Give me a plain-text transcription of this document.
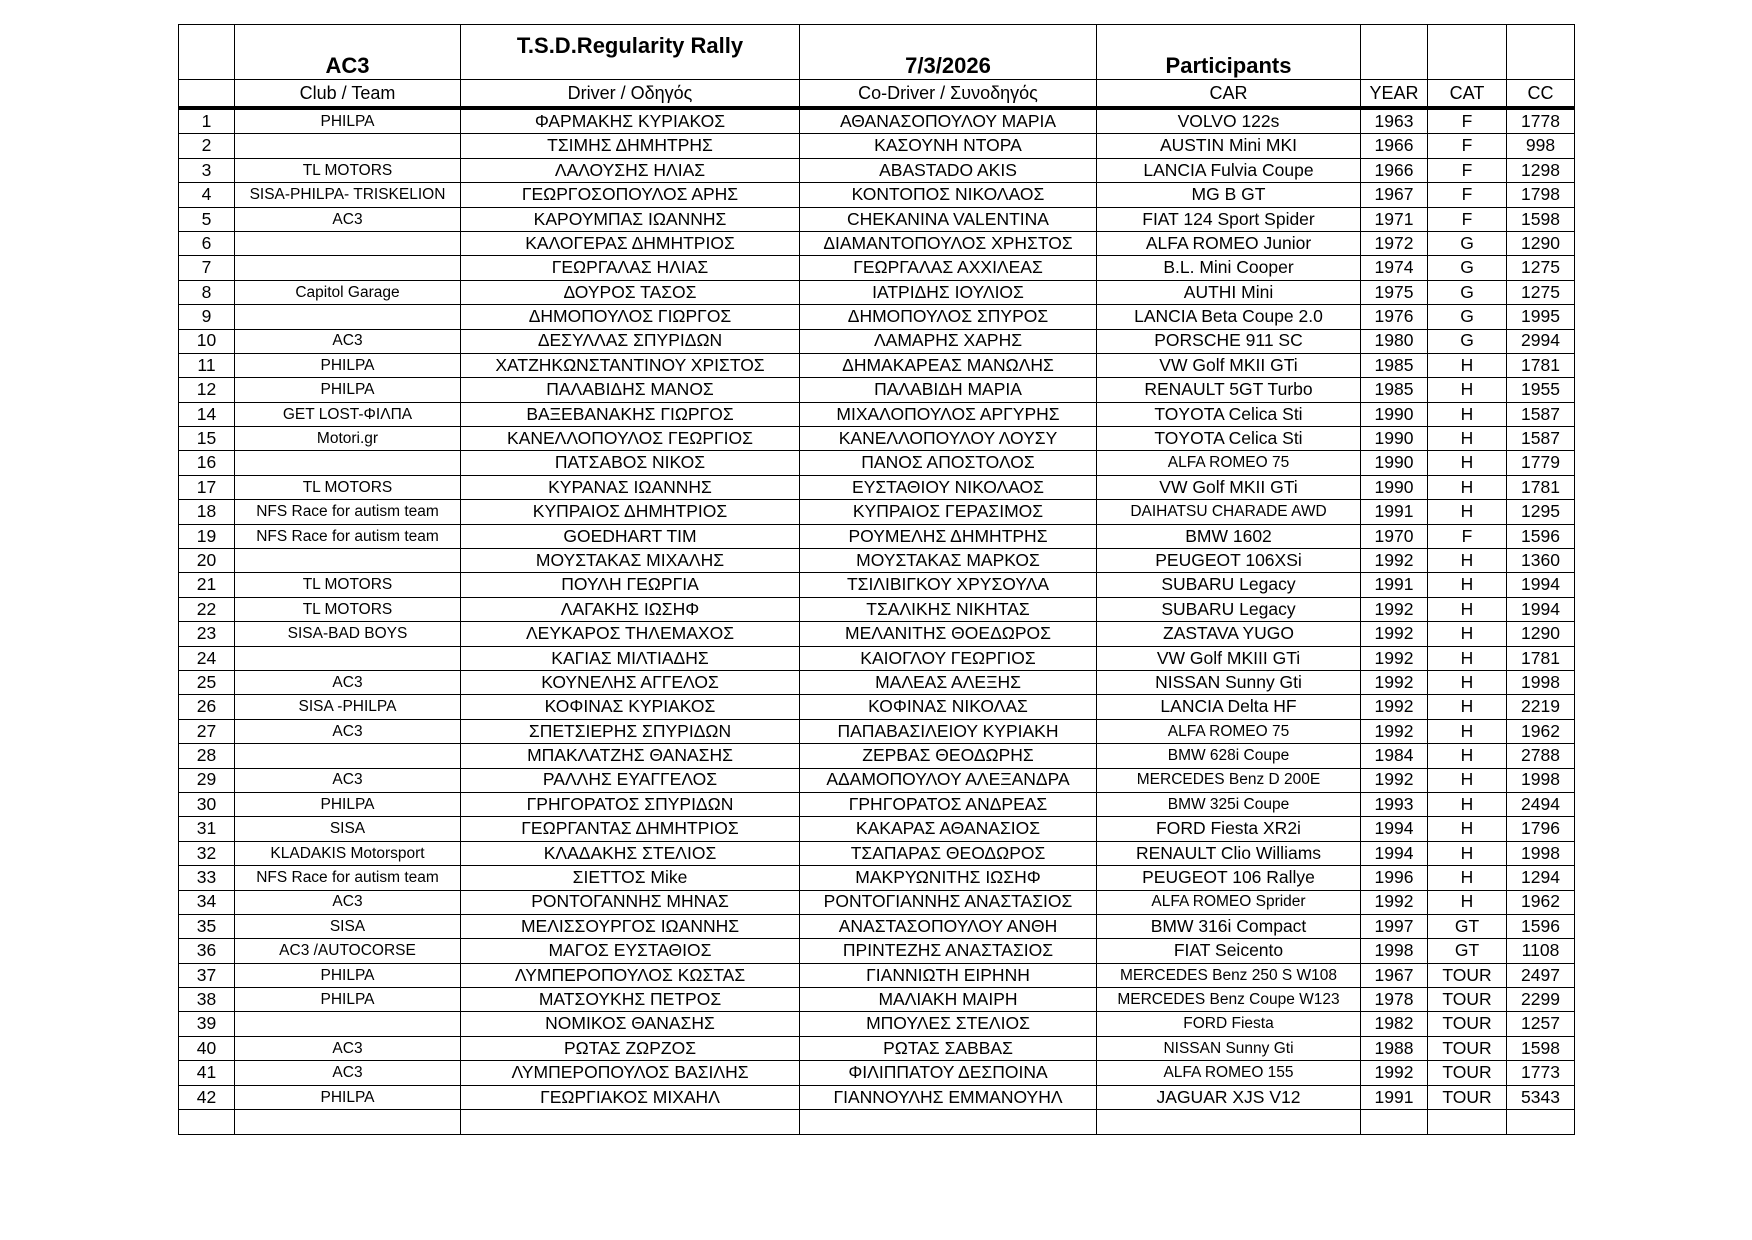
	AC3	T.S.D.Regularity Rally	7/3/2026	Participants			
	Club / Team	Driver / Οδηγός	Co-Driver / Συνοδηγός	CAR	YEAR	CAT	CC
1	PHILPA	ΦΑΡΜΑΚΗΣ ΚΥΡΙΑΚΟΣ	ΑΘΑΝΑΣΟΠΟΥΛΟΥ ΜΑΡΙΑ	VOLVO 122s	1963	F	1778
2		ΤΣΙΜΗΣ ΔΗΜΗΤΡΗΣ	ΚΑΣΟΥΝΗ ΝΤΟΡΑ	AUSTIN Mini MKI	1966	F	998
3	TL MOTORS	ΛΑΛΟΥΣΗΣ ΗΛΙΑΣ	ABASTADO AKIS	LANCIA Fulvia Coupe	1966	F	1298
4	SISA-PHILPA- TRISKELION	ΓΕΩΡΓΟΣΟΠΟΥΛΟΣ ΑΡΗΣ	ΚΟΝΤΟΠΟΣ ΝΙΚΟΛΑΟΣ	MG B GT	1967	F	1798
5	AC3	ΚΑΡΟΥΜΠΑΣ ΙΩΑΝΝΗΣ	CHEKANINA VALENTINA	FIAT 124 Sport Spider	1971	F	1598
6		ΚΑΛΟΓΕΡΑΣ ΔΗΜΗΤΡΙΟΣ	ΔΙΑΜΑΝΤΟΠΟΥΛΟΣ ΧΡΗΣΤΟΣ	ALFA ROMEO Junior	1972	G	1290
7		ΓΕΩΡΓΑΛΑΣ ΗΛΙΑΣ	ΓΕΩΡΓΑΛΑΣ ΑΧΧΙΛΕΑΣ	B.L. Mini Cooper	1974	G	1275
8	Capitol Garage	ΔΟΥΡΟΣ ΤΑΣΟΣ	ΙΑΤΡΙΔΗΣ ΙΟΥΛΙΟΣ	AUTHI Mini	1975	G	1275
9		ΔΗΜΟΠΟΥΛΟΣ ΓΙΩΡΓΟΣ	ΔΗΜΟΠΟΥΛΟΣ ΣΠΥΡΟΣ	LANCIA Beta Coupe 2.0	1976	G	1995
10	AC3	ΔΕΣΥΛΛΑΣ ΣΠΥΡΙΔΩΝ	ΛΑΜΑΡΗΣ ΧΑΡΗΣ	PORSCHE 911 SC	1980	G	2994
11	PHILPA	ΧΑΤΖΗΚΩΝΣΤΑΝΤΙΝΟΥ ΧΡΙΣΤΟΣ	ΔΗΜΑΚΑΡΕΑΣ ΜΑΝΩΛΗΣ	VW Golf MKII GTi	1985	H	1781
12	PHILPA	ΠΑΛΑΒΙΔΗΣ ΜΑΝΟΣ	ΠΑΛΑΒΙΔΗ ΜΑΡΙΑ	RENAULT 5GT Turbo	1985	H	1955
14	GET LOST-ΦΙΛΠΑ	ΒΑΞΕΒΑΝΑΚΗΣ ΓΙΩΡΓΟΣ	ΜΙΧΑΛΟΠΟΥΛΟΣ ΑΡΓΥΡΗΣ	TOYOTA Celica Sti	1990	H	1587
15	Motori.gr	ΚΑΝΕΛΛΟΠΟΥΛΟΣ ΓΕΩΡΓΙΟΣ	ΚΑΝΕΛΛΟΠΟΥΛΟΥ ΛΟΥΣΥ	TOYOTA Celica Sti	1990	H	1587
16		ΠΑΤΣΑΒΟΣ ΝΙΚΟΣ	ΠΑΝΟΣ ΑΠΟΣΤΟΛΟΣ	ALFA ROMEO 75	1990	H	1779
17	TL MOTORS	ΚΥΡΑΝΑΣ ΙΩΑΝΝΗΣ	ΕΥΣΤΑΘΙΟΥ ΝΙΚΟΛΑΟΣ	VW Golf MKII GTi	1990	H	1781
18	NFS Race for autism team	ΚΥΠΡΑΙΟΣ ΔΗΜΗΤΡΙΟΣ	ΚΥΠΡΑΙΟΣ ΓΕΡΑΣΙΜΟΣ	DAIHATSU CHARADE AWD	1991	H	1295
19	NFS Race for autism team	GOEDHART TIM	ΡΟΥΜΕΛΗΣ ΔΗΜΗΤΡΗΣ	BMW 1602	1970	F	1596
20		ΜΟΥΣΤΑΚΑΣ ΜΙΧΑΛΗΣ	ΜΟΥΣΤΑΚΑΣ ΜΑΡΚΟΣ	PEUGEOT 106XSi	1992	H	1360
21	TL MOTORS	ΠΟΥΛΗ ΓΕΩΡΓΙΑ	ΤΣΙΛΙΒΙΓΚΟΥ ΧΡΥΣΟΥΛΑ	SUBARU Legacy	1991	H	1994
22	TL MOTORS	ΛΑΓΑΚΗΣ ΙΩΣΗΦ	ΤΣΑΛΙΚΗΣ ΝΙΚΗΤΑΣ	SUBARU Legacy	1992	H	1994
23	SISA-BAD BOYS	ΛΕΥΚΑΡΟΣ ΤΗΛΕΜΑΧΟΣ	ΜΕΛΑΝΙΤΗΣ ΘΟΕΔΩΡΟΣ	ZASTAVA YUGO	1992	H	1290
24		ΚΑΓΙΑΣ ΜΙΛΤΙΑΔΗΣ	ΚΑΙΟΓΛΟΥ ΓΕΩΡΓΙΟΣ	VW Golf MKIII GTi	1992	H	1781
25	AC3	ΚΟΥΝΕΛΗΣ ΑΓΓΕΛΟΣ	ΜΑΛΕΑΣ ΑΛΕΞΗΣ	NISSAN Sunny Gti	1992	H	1998
26	SISA -PHILPA	ΚΟΦΙΝΑΣ ΚΥΡΙΑΚΟΣ	ΚΟΦΙΝΑΣ ΝΙΚΟΛΑΣ	LANCIA Delta HF	1992	H	2219
27	AC3	ΣΠΕΤΣΙΕΡΗΣ ΣΠΥΡΙΔΩΝ	ΠΑΠΑΒΑΣΙΛΕΙΟΥ ΚΥΡΙΑΚΗ	ALFA ROMEO 75	1992	H	1962
28		ΜΠΑΚΛΑΤΖΗΣ ΘΑΝΑΣΗΣ	ΖΕΡΒΑΣ ΘΕΟΔΩΡΗΣ	BMW 628i Coupe	1984	H	2788
29	AC3	ΡΑΛΛΗΣ ΕΥΑΓΓΕΛΟΣ	ΑΔΑΜΟΠΟΥΛΟΥ ΑΛΕΞΑΝΔΡΑ	MERCEDES Benz D 200E	1992	H	1998
30	PHILPA	ΓΡΗΓΟΡΑΤΟΣ ΣΠΥΡΙΔΩΝ	ΓΡΗΓΟΡΑΤΟΣ ΑΝΔΡΕΑΣ	BMW 325i Coupe	1993	H	2494
31	SISA	ΓΕΩΡΓΑΝΤΑΣ ΔΗΜΗΤΡΙΟΣ	ΚΑΚΑΡΑΣ ΑΘΑΝΑΣΙΟΣ	FORD Fiesta XR2i	1994	H	1796
32	KLADAKIS Motorsport	ΚΛΑΔΑΚΗΣ ΣΤΕΛΙΟΣ	ΤΣΑΠΑΡΑΣ ΘΕΟΔΩΡΟΣ	RENAULT Clio Williams	1994	H	1998
33	NFS Race for autism team	ΣΙΕΤΤΟΣ Mike	ΜΑΚΡΥΩΝΙΤΗΣ ΙΩΣΗΦ	PEUGEOT 106 Rallye	1996	H	1294
34	AC3	ΡΟΝΤΟΓΑΝΝΗΣ ΜΗΝΑΣ	ΡΟΝΤΟΓΙΑΝΝΗΣ ΑΝΑΣΤΑΣΙΟΣ	ALFA ROMEO Sprider	1992	H	1962
35	SISA	ΜΕΛΙΣΣΟΥΡΓΟΣ ΙΩΑΝΝΗΣ	ΑΝΑΣΤΑΣΟΠΟΥΛΟΥ ΑΝΘΗ	BMW 316i Compact	1997	GT	1596
36	AC3 /AUTOCORSE	ΜΑΓΟΣ ΕΥΣΤΑΘΙΟΣ	ΠΡΙΝΤΕΖΗΣ ΑΝΑΣΤΑΣΙΟΣ	FIAT Seicento	1998	GT	1108
37	PHILPA	ΛΥΜΠΕΡΟΠΟΥΛΟΣ ΚΩΣΤΑΣ	ΓΙΑΝΝΙΩΤΗ ΕΙΡΗΝΗ	MERCEDES Benz 250 S W108	1967	TOUR	2497
38	PHILPA	ΜΑΤΣΟΥΚΗΣ ΠΕΤΡΟΣ	ΜΑΛΙΑΚΗ ΜΑΙΡΗ	MERCEDES Benz Coupe W123	1978	TOUR	2299
39		ΝΟΜΙΚΟΣ ΘΑΝΑΣΗΣ	ΜΠΟΥΛΕΣ ΣΤΕΛΙΟΣ	FORD Fiesta	1982	TOUR	1257
40	AC3	ΡΩΤΑΣ ΖΩΡΖΟΣ	ΡΩΤΑΣ ΣΑΒΒΑΣ	NISSAN Sunny Gti	1988	TOUR	1598
41	AC3	ΛΥΜΠΕΡΟΠΟΥΛΟΣ ΒΑΣΙΛΗΣ	ΦΙΛΙΠΠΑΤΟΥ ΔΕΣΠΟΙΝΑ	ALFA ROMEO 155	1992	TOUR	1773
42	PHILPA	ΓΕΩΡΓΙΑΚΟΣ ΜΙΧΑΗΛ	ΓΙΑΝΝΟΥΛΗΣ ΕΜΜΑΝΟΥΗΛ	JAGUAR XJS V12	1991	TOUR	5343
